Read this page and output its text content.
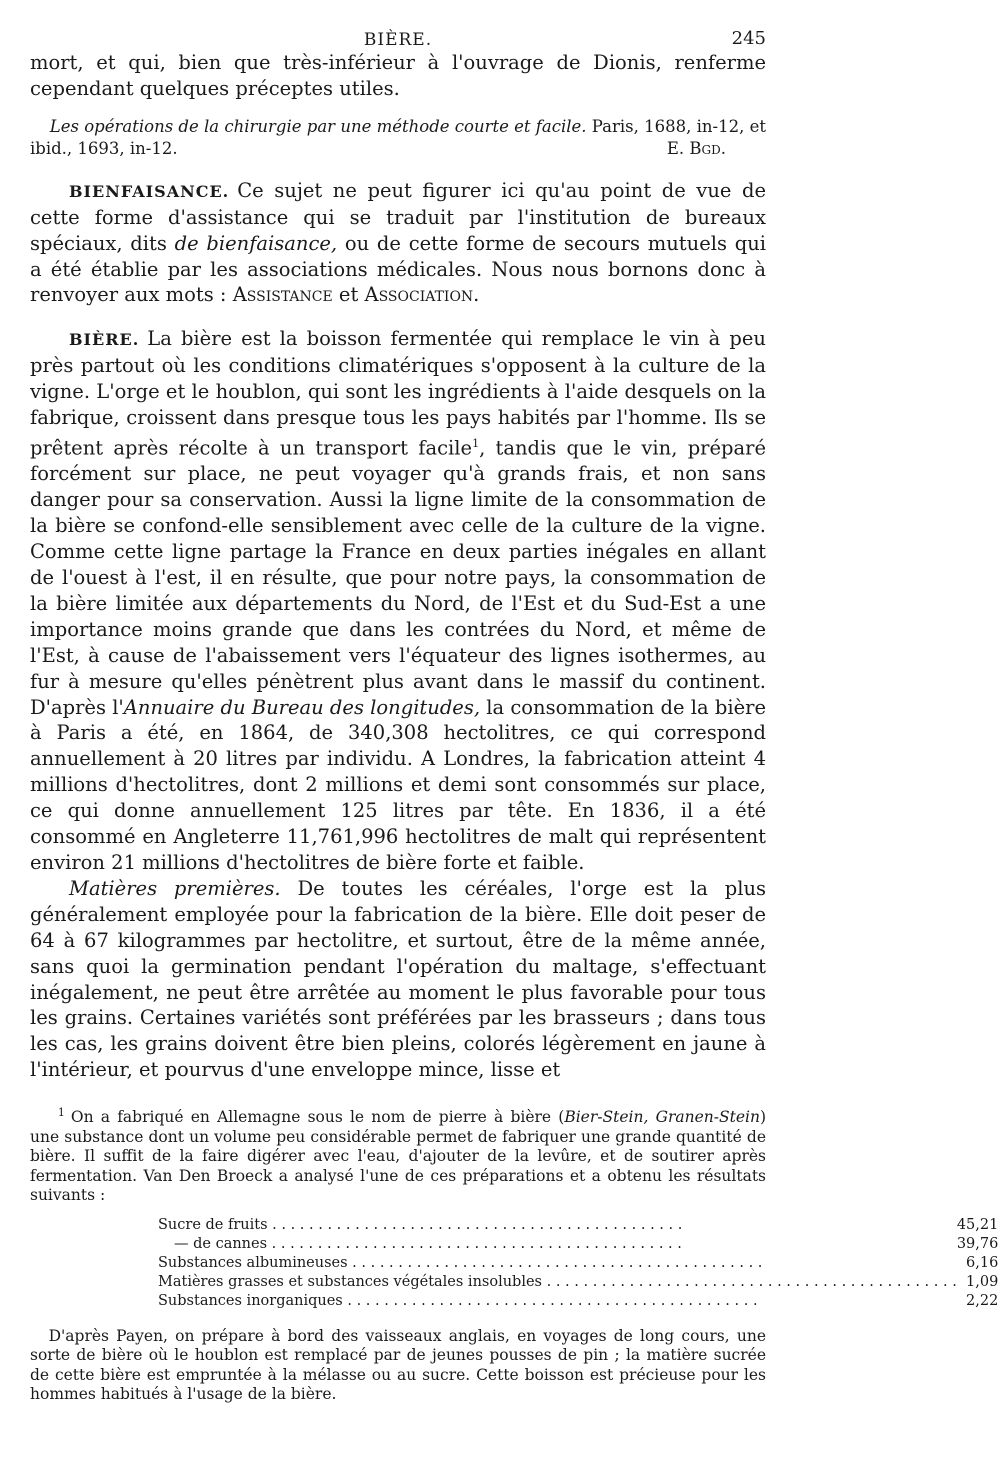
BIÈRE.	245

mort, et qui, bien que très-inférieur à l'ouvrage de Dionis, renferme cependant quelques préceptes utiles.

Les opérations de la chirurgie par une méthode courte et facile. Paris, 1688, in-12, et ibid., 1693, in-12.	E. Bgd.

BIENFAISANCE. Ce sujet ne peut figurer ici qu'au point de vue de cette forme d'assistance qui se traduit par l'institution de bureaux spéciaux, dits de bienfaisance, ou de cette forme de secours mutuels qui a été établie par les associations médicales. Nous nous bornons donc à renvoyer aux mots : Assistance et Association.

BIÈRE. La bière est la boisson fermentée qui remplace le vin à peu près partout où les conditions climatériques s'opposent à la culture de la vigne. L'orge et le houblon, qui sont les ingrédients à l'aide desquels on la fabrique, croissent dans presque tous les pays habités par l'homme. Ils se prêtent après récolte à un transport facile$^1$, tandis que le vin, préparé forcément sur place, ne peut voyager qu'à grands frais, et non sans danger pour sa conservation. Aussi la ligne limite de la consommation de la bière se confond-elle sensiblement avec celle de la culture de la vigne. Comme cette ligne partage la France en deux parties inégales en allant de l'ouest à l'est, il en résulte, que pour notre pays, la consommation de la bière limitée aux départements du Nord, de l'Est et du Sud-Est a une importance moins grande que dans les contrées du Nord, et même de l'Est, à cause de l'abaissement vers l'équateur des lignes isothermes, au fur à mesure qu'elles pénètrent plus avant dans le massif du continent. D'après l'Annuaire du Bureau des longitudes, la consommation de la bière à Paris a été, en 1864, de 340,308 hectolitres, ce qui correspond annuellement à 20 litres par individu. A Londres, la fabrication atteint 4 millions d'hectolitres, dont 2 millions et demi sont consommés sur place, ce qui donne annuellement 125 litres par tête. En 1836, il a été consommé en Angleterre 11,761,996 hectolitres de malt qui représentent environ 21 millions d'hectolitres de bière forte et faible.

Matières premières. De toutes les céréales, l'orge est la plus généralement employée pour la fabrication de la bière. Elle doit peser de 64 à 67 kilogrammes par hectolitre, et surtout, être de la même année, sans quoi la germination pendant l'opération du maltage, s'effectuant inégalement, ne peut être arrêtée au moment le plus favorable pour tous les grains. Certaines variétés sont préférées par les brasseurs ; dans tous les cas, les grains doivent être bien pleins, colorés légèrement en jaune à l'intérieur, et pourvus d'une enveloppe mince, lisse et

$^1$ On a fabriqué en Allemagne sous le nom de pierre à bière (Bier-Stein, Granen-Stein) une substance dont un volume peu considérable permet de fabriquer une grande quantité de bière. Il suffit de la faire digérer avec l'eau, d'ajouter de la levûre, et de soutirer après fermentation. Van Den Broeck a analysé l'une de ces préparations et a obtenu les résultats suivants :

Sucre de fruits . . .	45,21
— de cannes . . .	39,76
Substances albumineuses . . .	6,16
Matières grasses et substances végétales insolubles . . .	1,09
Substances inorganiques . . .	2,22

D'après Payen, on prépare à bord des vaisseaux anglais, en voyages de long cours, une sorte de bière où le houblon est remplacé par de jeunes pousses de pin ; la matière sucrée de cette bière est empruntée à la mélasse ou au sucre. Cette boisson est précieuse pour les hommes habitués à l'usage de la bière.
